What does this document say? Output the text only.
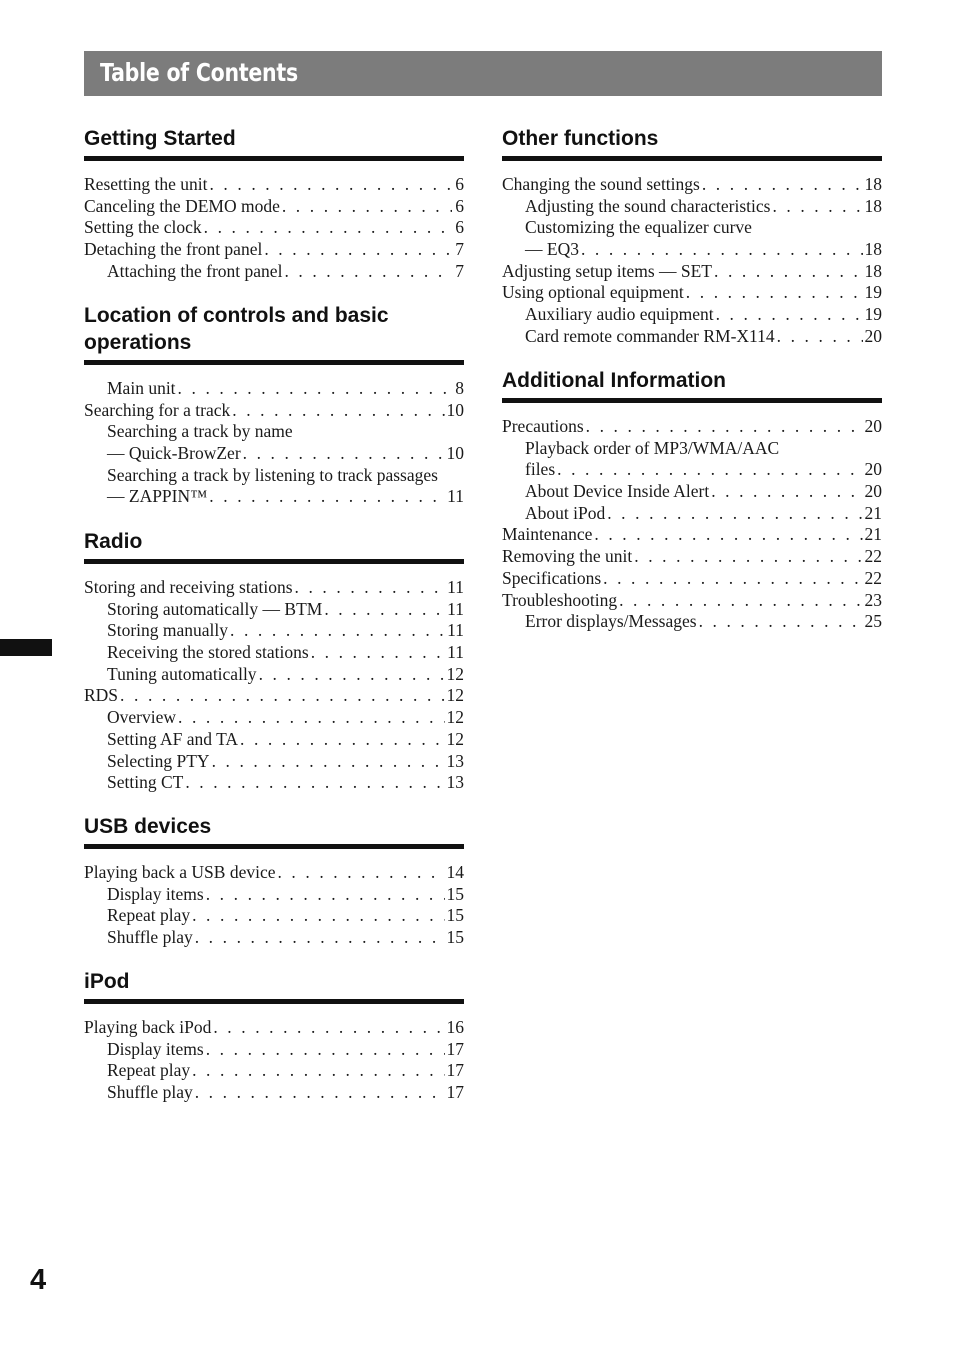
Table of Contents
Getting Started
Resetting the unit . . .	6
Canceling the DEMO mode . . .	6
Setting the clock . . .	6
Detaching the front panel . . .	7
Attaching the front panel . . .	7
Location of controls and basic operations
Main unit . . .	8
Searching for a track . . .	10
Searching a track by name
— Quick-BrowZer . . .	10
Searching a track by listening to track passages
— ZAPPIN™ . . .	11
Radio
Storing and receiving stations . . .	11
Storing automatically — BTM . . .	11
Storing manually . . .	11
Receiving the stored stations . . .	11
Tuning automatically . . .	12
RDS . . .	12
Overview . . .	12
Setting AF and TA . . .	12
Selecting PTY . . .	13
Setting CT . . .	13
USB devices
Playing back a USB device . . .	14
Display items . . .	15
Repeat play . . .	15
Shuffle play . . .	15
iPod
Playing back iPod . . .	16
Display items . . .	17
Repeat play . . .	17
Shuffle play . . .	17
Other functions
Changing the sound settings . . .	18
Adjusting the sound characteristics . . .	18
Customizing the equalizer curve
— EQ3 . . .	18
Adjusting setup items — SET . . .	18
Using optional equipment . . .	19
Auxiliary audio equipment . . .	19
Card remote commander RM-X114 . . .	20
Additional Information
Precautions . . .	20
Playback order of MP3/WMA/AAC
files . . .	20
About Device Inside Alert . . .	20
About iPod . . .	21
Maintenance . . .	21
Removing the unit . . .	22
Specifications . . .	22
Troubleshooting . . .	23
Error displays/Messages . . .	25
4
